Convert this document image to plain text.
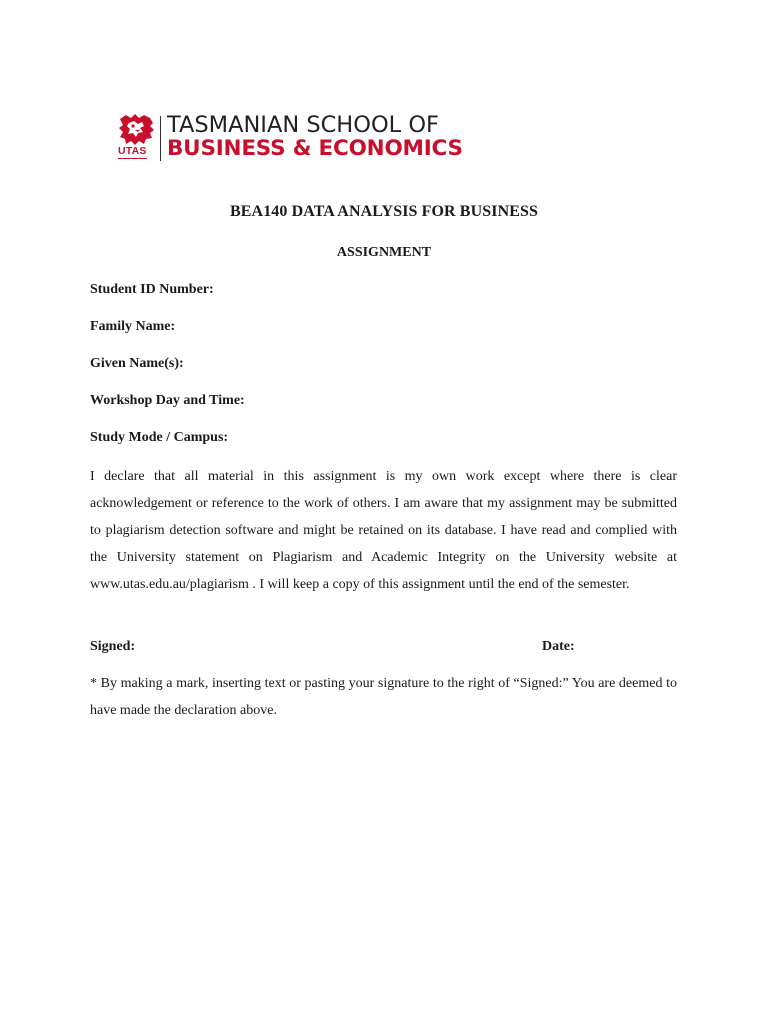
UTAS
TASMANIAN SCHOOL OF
BUSINESS & ECONOMICS
BEA140 DATA ANALYSIS FOR BUSINESS
ASSIGNMENT
Student ID Number:
Family Name:
Given Name(s):
Workshop Day and Time:
Study Mode / Campus:
I declare that all material in this assignment is my own work except where there is clear acknowledgement or reference to the work of others. I am aware that my assignment may be submitted to plagiarism detection software and might be retained on its database. I have read and complied with the University statement on Plagiarism and Academic Integrity on the University website at www.utas.edu.au/plagiarism . I will keep a copy of this assignment until the end of the semester.
Signed:	Date:
* By making a mark, inserting text or pasting your signature to the right of “Signed:” You are deemed to have made the declaration above.
